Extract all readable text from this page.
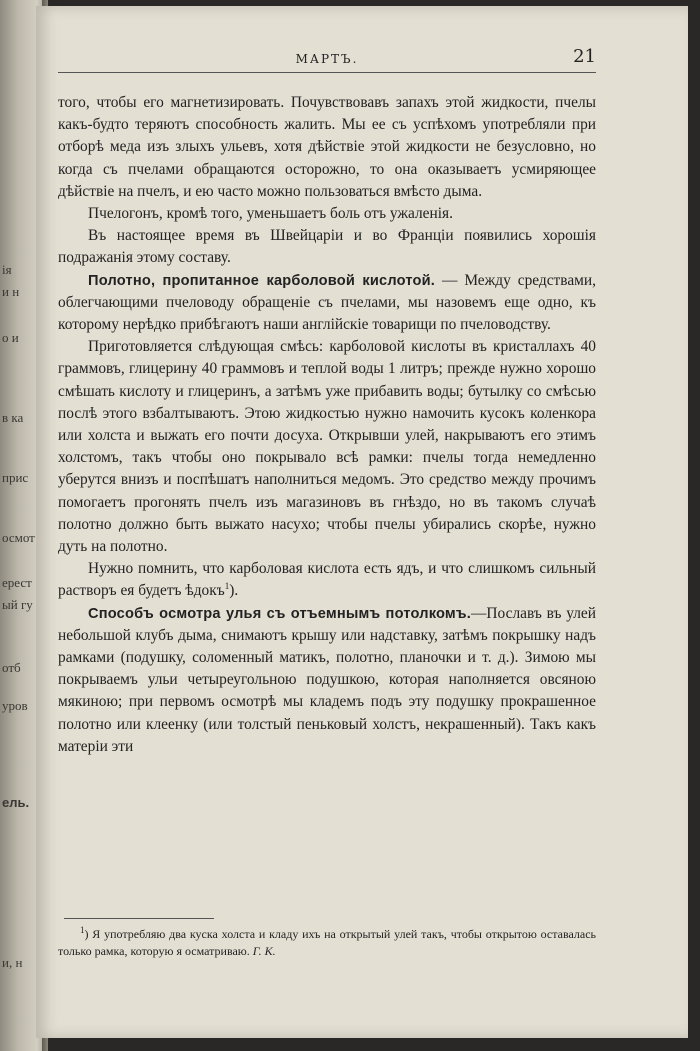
ія
и н
о и
в ка
прис
осмот
ерест
ый гу
отб
уров
ель.
и, н
МАРТЪ.	21

того, чтобы его магнетизировать. Почувствовавъ запахъ этой жидкости, пчелы какъ-будто теряютъ способность жалить. Мы ее съ успѣхомъ употребляли при отборѣ меда изъ злыхъ ульевъ, хотя дѣйствiе этой жидкости не безусловно, но когда съ пчелами обращаются осторожно, то она оказываетъ усмиряющее дѣйствiе на пчелъ, и ею часто можно пользоваться вмѣсто дыма.

Пчелогонъ, кромѣ того, уменьшаетъ боль отъ ужаленiя.

Въ настоящее время въ Швейцарiи и во Францiи появились хорошiя подражанiя этому составу.

Полотно, пропитанное карболовой кислотой. — Между средствами, облегчающими пчеловоду обращенiе съ пчелами, мы назовемъ еще одно, къ которому нерѣдко прибѣгаютъ наши англiйскiе товарищи по пчеловодству.

Приготовляется слѣдующая смѣсь: карболовой кислоты въ кристаллахъ 40 граммовъ, глицерину 40 граммовъ и теплой воды 1 литръ; прежде нужно хорошо смѣшать кислоту и глицеринъ, а затѣмъ уже прибавить воды; бутылку со смѣсью послѣ этого взбалтываютъ. Этою жидкостью нужно намочить кусокъ коленкора или холста и выжать его почти досуха. Открывши улей, накрываютъ его этимъ холстомъ, такъ чтобы оно покрывало всѣ рамки: пчелы тогда немедленно уберутся внизъ и поспѣшатъ наполниться медомъ. Это средство между прочимъ помогаетъ прогонять пчелъ изъ магазиновъ въ гнѣздо, но въ такомъ случаѣ полотно должно быть выжато насухо; чтобы пчелы убирались скорѣе, нужно дуть на полотно.

Нужно помнить, что карболовая кислота есть ядъ, и что слишкомъ сильный растворъ ея будетъ ѣдокъ$^1$).

Способъ осмотра улья съ отъемнымъ потолкомъ.—Пославъ въ улей небольшой клубъ дыма, снимаютъ крышу или надставку, затѣмъ покрышку надъ рамками (подушку, соломенный матикъ, полотно, планочки и т. д.). Зимою мы покрываемъ ульи четыреугольною подушкою, которая наполняется овсяною мякиною; при первомъ осмотрѣ мы кладемъ подъ эту подушку прокрашенное полотно или клеенку (или толстый пеньковый холстъ, некрашенный). Такъ какъ матерiи эти

$^1$) Я употребляю два куска холста и кладу ихъ на открытый улей такъ, чтобы открытою оставалась только рамка, которую я осматриваю. Г. К.
